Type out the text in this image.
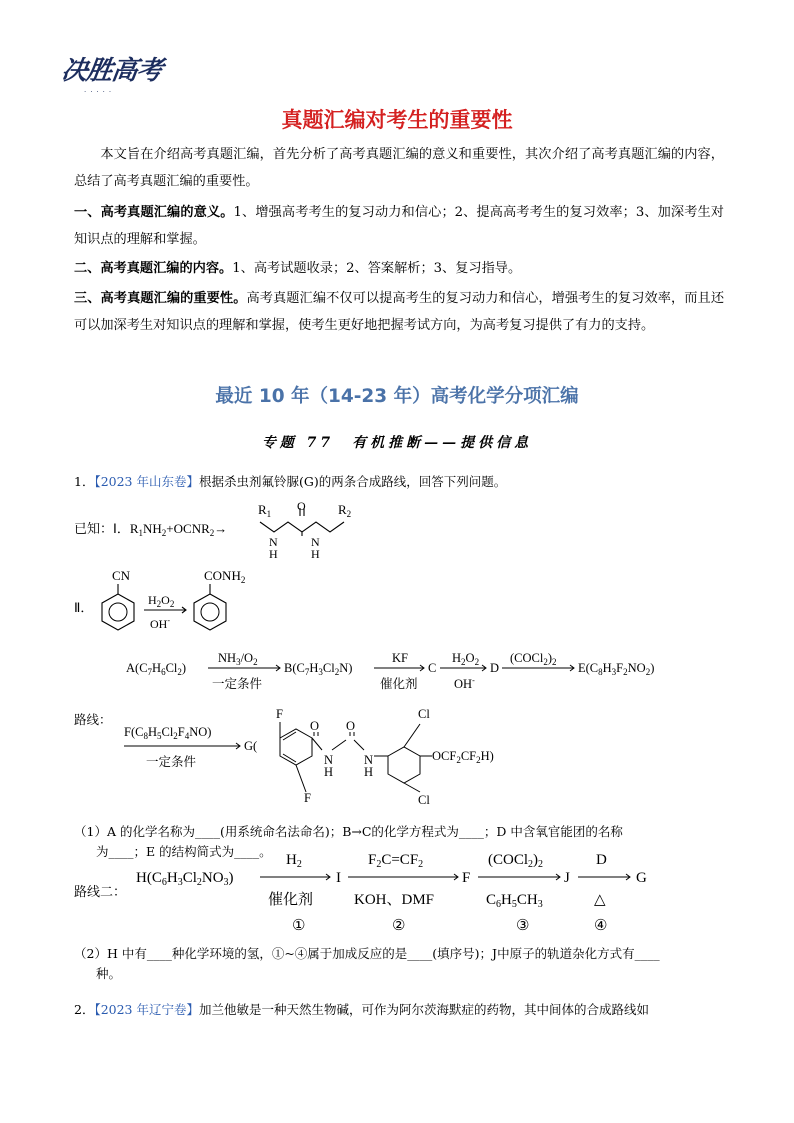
决胜高考
·····
真题汇编对考生的重要性
本文旨在介绍高考真题汇编，首先分析了高考真题汇编的意义和重要性，其次介绍了高考真题汇编的内容，总结了高考真题汇编的重要性。
一、高考真题汇编的意义。1、增强高考考生的复习动力和信心；2、提高高考考生的复习效率；3、加深考生对知识点的理解和掌握。
二、高考真题汇编的内容。1、高考试题收录；2、答案解析；3、复习指导。
三、高考真题汇编的重要性。高考真题汇编不仅可以提高考生的复习动力和信心，增强考生的复习效率，而且还可以加深考生对知识点的理解和掌握，使考生更好地把握考试方向，为高考复习提供了有力的支持。
最近 10 年（14-23 年）高考化学分项汇编
专题 77　有机推断——提供信息
1．【2023 年山东卷】根据杀虫剂氟铃脲(G)的两条合成路线，回答下列问题。
已知：Ⅰ．$R_1NH_2+OCNR_2\to$
$R_1$	$R_2$
O
N
H
N
H
Ⅱ．
CN	$CONH_2$
$H_2O_2$
OH-
$A(C_7H_6Cl_2)$
$NH_3/O_2$
一定条件
$B(C_7H_3Cl_2N)$
KF
催化剂
C
$H_2O_2$
OH-
D
$(COCl_2)_2$ $E(C_8H_3F_2NO_2)$
路线：
$F(C_8H_5Cl_2F_4NO)$
一定条件
G(
F
F
O O
N
H
N
H
Cl
Cl
$OCF_2CF_2H$)
（1）A 的化学名称为____(用系统命名法命名)；B→C的化学方程式为____；D 中含氧官能团的名称
为____；E 的结构简式为____。
路线二：
$H(C_6H_3Cl_2NO_3)$
$H_2$
催化剂
①
I
$F_2C=CF_2$
KOH、DMF
②
F
$(COCl_2)_2$
$C_6H_5CH_3$
③
J
D
△
④
G
（2）H 中有____种化学环境的氢，①~④属于加成反应的是____(填序号)；J中原子的轨道杂化方式有____
种。
2．【2023 年辽宁卷】加兰他敏是一种天然生物碱，可作为阿尔茨海默症的药物，其中间体的合成路线如
